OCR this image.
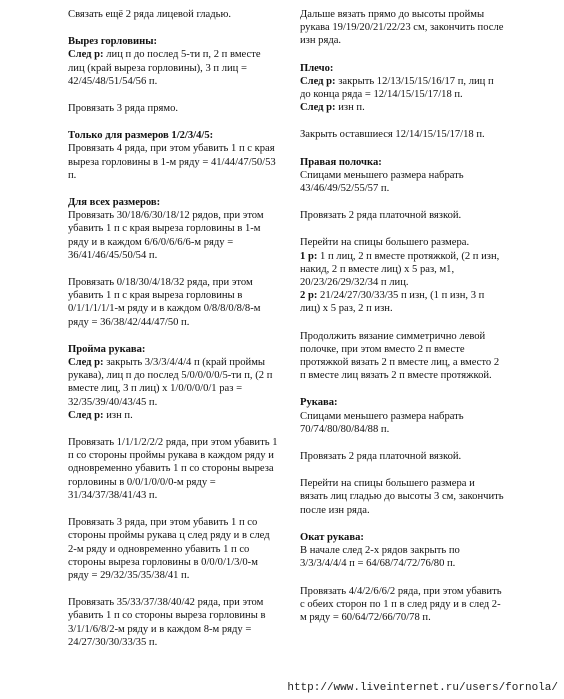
Связать ещё 2 ряда лицевой гладью.

Вырез горловины:

След р: лиц п до послед 5-ти п, 2 п вместе лиц (край выреза горловины), 3 п лиц = 42/45/48/51/54/56 п.

Провязать 3 ряда прямо.

Только для размеров 1/2/3/4/5:

Провязать 4 ряда, при этом убавить 1 п с края выреза горловины в 1-м ряду = 41/44/47/50/53 п.

Для всех размеров:

Провязать 30/18/6/30/18/12 рядов, при этом убавить 1 п с края выреза горловины в 1-м ряду и в каждом 6/6/0/6/6/6-м ряду = 36/41/46/45/50/54 п.

Провязать 0/18/30/4/18/32 ряда, при этом убавить 1 п с края выреза горловины в 0/1/1/1/1/1-м ряду и в каждом 0/8/8/0/8/8-м ряду = 36/38/42/44/47/50 п.

Пройма рукава:

След р: закрыть 3/3/3/4/4/4 п (край проймы рукава), лиц п до послед 5/0/0/0/0/5-ти п, (2 п вместе лиц, 3 п лиц) х 1/0/0/0/0/1 раз = 32/35/39/40/43/45 п.

След р: изн п.

Провязать 1/1/1/2/2/2 ряда, при этом убавить 1 п со стороны проймы рукава в каждом ряду и одновременно убавить 1 п со стороны выреза горловины в 0/0/1/0/0/0-м ряду = 31/34/37/38/41/43 п.

Провязать 3 ряда, при этом убавить 1 п со стороны проймы рукава ц след ряду и в след 2-м ряду и одновременно убавить 1 п со стороны выреза горловины в 0/0/0/1/3/0-м ряду = 29/32/35/35/38/41 п.

Провязать 35/33/37/38/40/42 ряда, при этом убавить 1 п со стороны выреза горловины в 3/1/1/6/8/2-м ряду и в каждом 8-м ряду = 24/27/30/30/33/35 п.

Дальше вязать прямо до высоты проймы рукава 19/19/20/21/22/23 см, закончить после изн ряда.

Плечо:

След р: закрыть 12/13/15/15/16/17 п, лиц п до конца ряда = 12/14/15/15/17/18 п.

След р: изн п.

Закрыть оставшиеся 12/14/15/15/17/18 п.

Правая полочка:

Спицами меньшего размера набрать 43/46/49/52/55/57 п.

Провязать 2 ряда платочной вязкой.

Перейти на спицы большего размера.

1 р: 1 п лиц, 2 п вместе протяжкой, (2 п изн, накид, 2 п вместе лиц) х 5 раз, м1, 20/23/26/29/32/34 п лиц.

2 р: 21/24/27/30/33/35 п изн, (1 п изн, 3 п лиц) х 5 раз, 2 п изн.

Продолжить вязание симметрично левой полочке, при этом вместо 2 п вместе протяжкой вязать 2 п вместе лиц, а вместо 2 п вместе лиц вязать 2 п вместе протяжкой.

Рукава:

Спицами меньшего размера набрать 70/74/80/80/84/88 п.

Провязать 2 ряда платочной вязкой.

Перейти на спицы большего размера и вязать лиц гладью до высоты 3 см, закончить после изн ряда.

Окат рукава:

В начале след 2-х рядов закрыть по 3/3/3/4/4/4 п = 64/68/74/72/76/80 п.

Провязать 4/4/2/6/6/2 ряда, при этом убавить с обеих сторон по 1 п в след ряду и в след 2-м ряду = 60/64/72/66/70/78 п.

http://www.liveinternet.ru/users/fornola/
